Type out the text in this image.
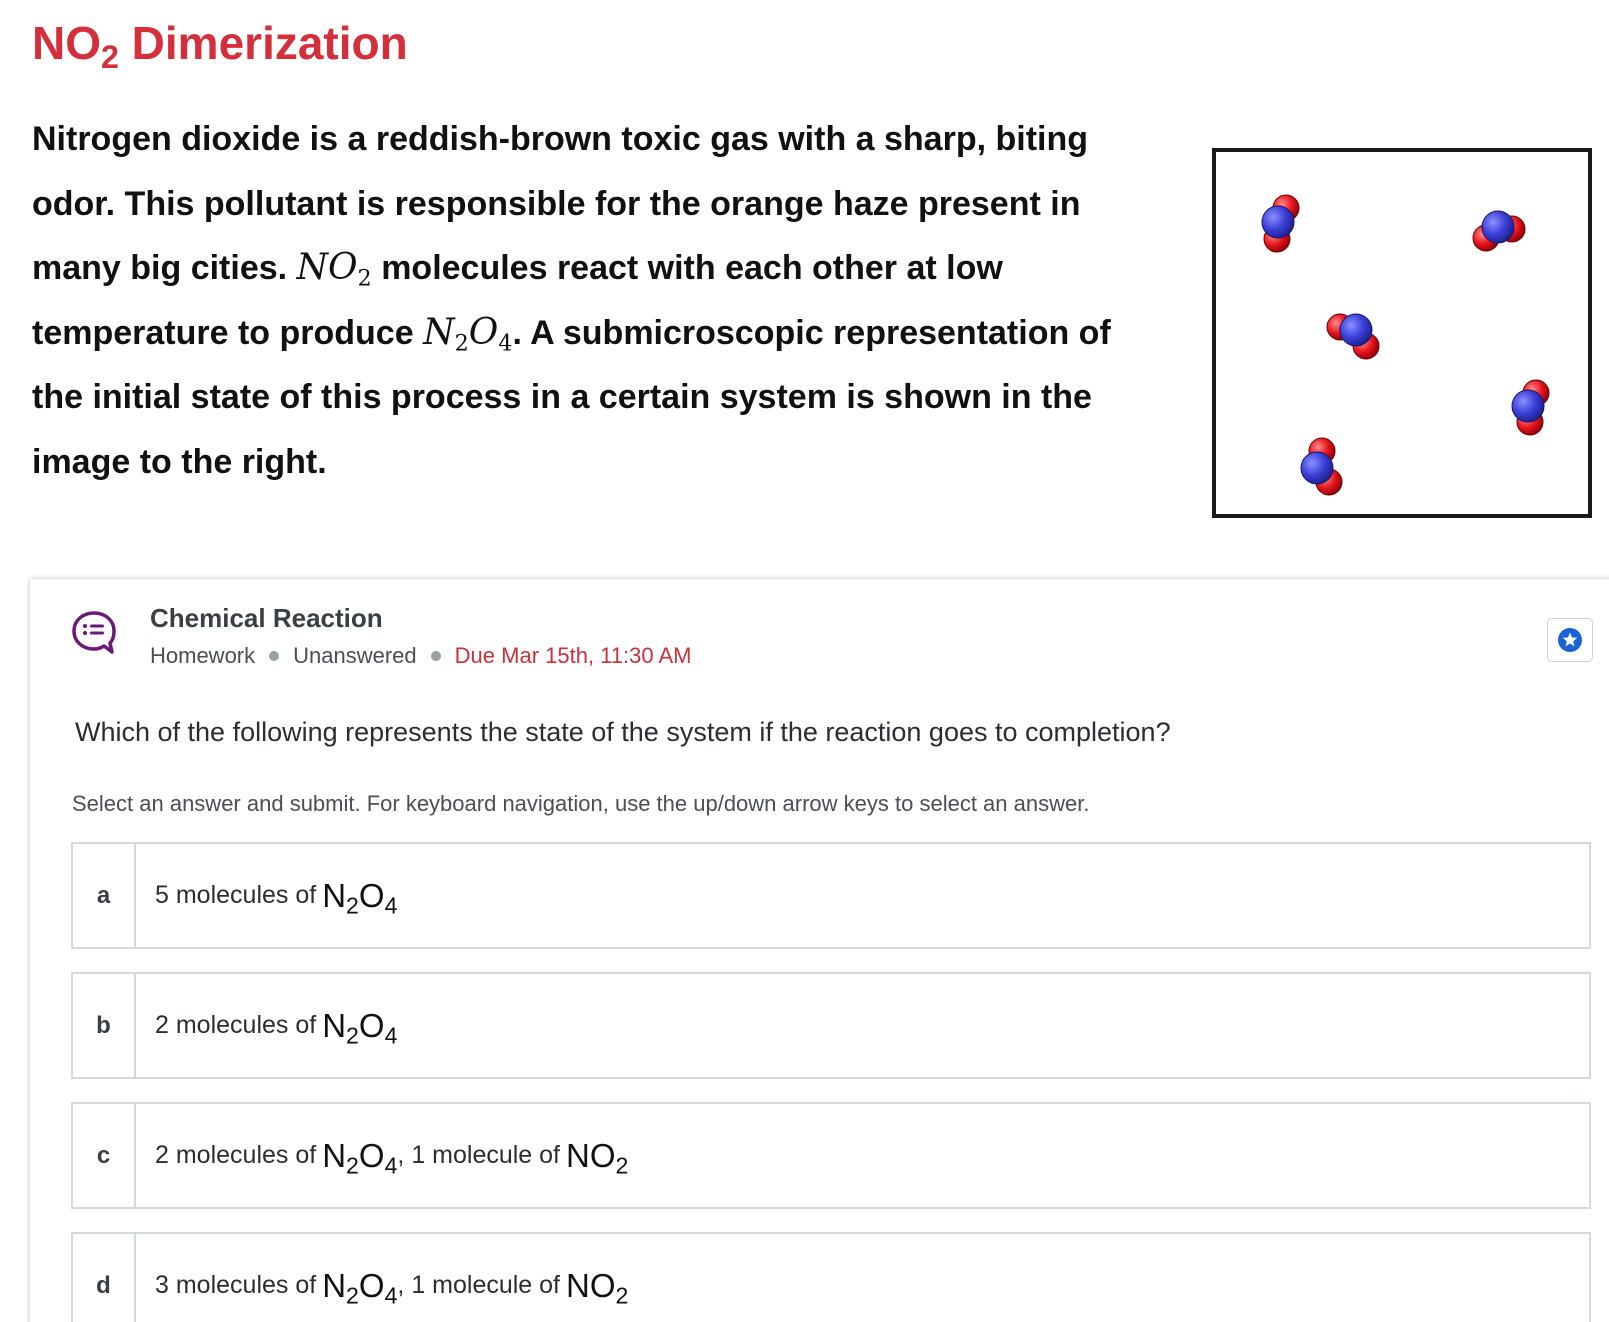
$NO_2$ Dimerization

Nitrogen dioxide is a reddish-brown toxic gas with a sharp, biting odor. This pollutant is responsible for the orange haze present in many big cities. $NO_2$ molecules react with each other at low temperature to produce $N_2O_4$. A submicroscopic representation of the initial state of this process in a certain system is shown in the image to the right.

Chemical Reaction
Homework Unanswered Due Mar 15th, 11:30 AM
Which of the following represents the state of the system if the reaction goes to completion?
Select an answer and submit. For keyboard navigation, use the up/down arrow keys to select an answer.
a	5 molecules of $N_2O_4$
b	2 molecules of $N_2O_4$
c	2 molecules of $N_2O_4$ ,
1 molecule of $NO_2$
d	3 molecules of $N_2O_4$ ,
1 molecule of $NO_2$
